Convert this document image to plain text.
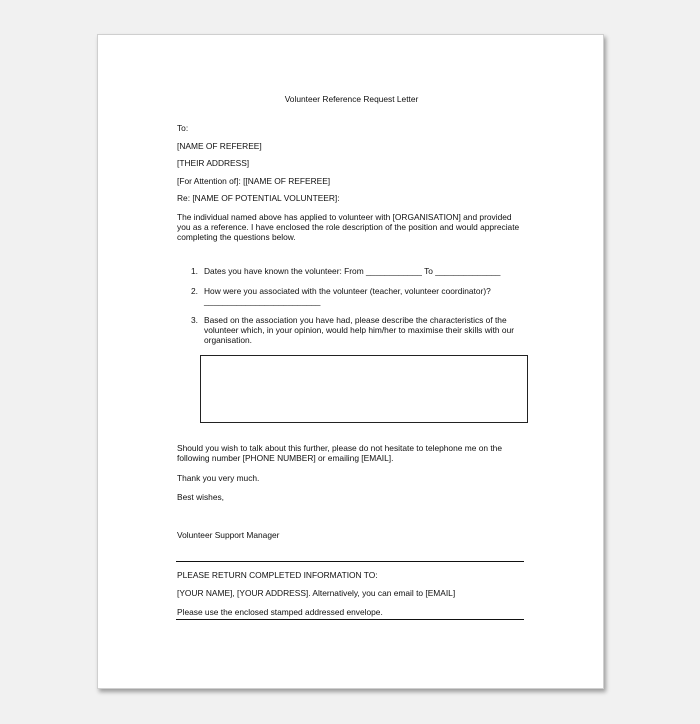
Volunteer Reference Request Letter

To:

[NAME OF REFEREE]

[THEIR ADDRESS]

[For Attention of]: [[NAME OF REFEREE]

Re: [NAME OF POTENTIAL VOLUNTEER]:

The individual named above has applied to volunteer with [ORGANISATION] and provided you as a reference. I have enclosed the role description of the position and would appreciate completing the questions below.

1. Dates you have known the volunteer: From ____________ To ______________

2. How were you associated with the volunteer (teacher, volunteer coordinator)?

_________________________

3. Based on the association you have had, please describe the characteristics of the volunteer which, in your opinion, would help him/her to maximise their skills with our organisation.

Should you wish to talk about this further, please do not hesitate to telephone me on the following number [PHONE NUMBER] or emailing [EMAIL].

Thank you very much.

Best wishes,

Volunteer Support Manager

PLEASE RETURN COMPLETED INFORMATION TO:

[YOUR NAME], [YOUR ADDRESS]. Alternatively, you can email to [EMAIL]

Please use the enclosed stamped addressed envelope.
